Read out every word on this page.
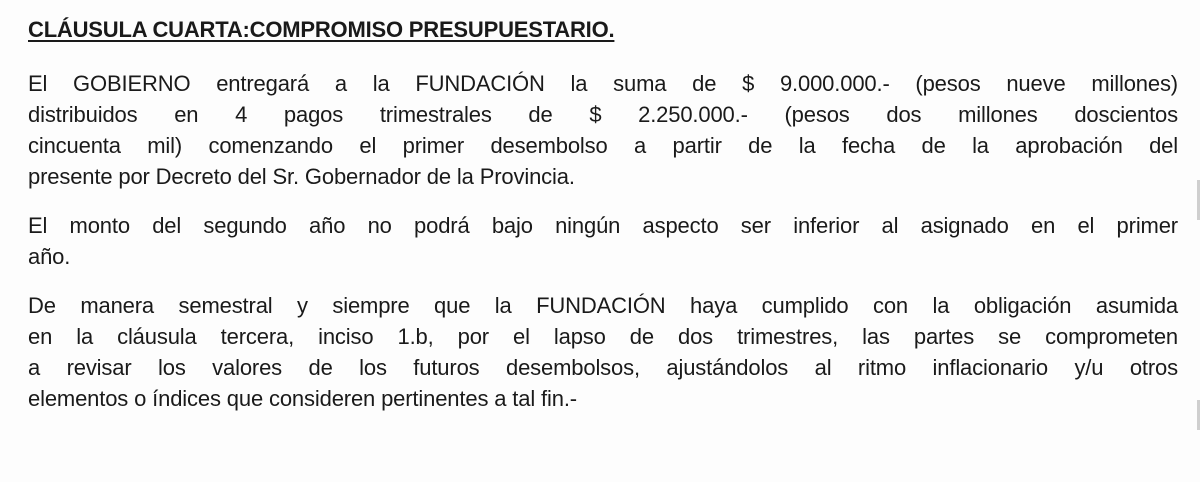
CLÁUSULA CUARTA:COMPROMISO PRESUPUESTARIO.
El GOBIERNO entregará a la FUNDACIÓN la suma de $ 9.000.000.- (pesos nueve millones)
distribuidos en 4 pagos trimestrales de $ 2.250.000.- (pesos dos millones doscientos
cincuenta mil) comenzando el primer desembolso a partir de la fecha de la aprobación del
presente por Decreto del Sr. Gobernador de la Provincia.
El monto del segundo año no podrá bajo ningún aspecto ser inferior al asignado en el primer
año.
De manera semestral y siempre que la FUNDACIÓN haya cumplido con la obligación asumida
en la cláusula tercera, inciso 1.b, por el lapso de dos trimestres, las partes se comprometen
a revisar los valores de los futuros desembolsos, ajustándolos al ritmo inflacionario y/u otros
elementos o índices que consideren pertinentes a tal fin.-
